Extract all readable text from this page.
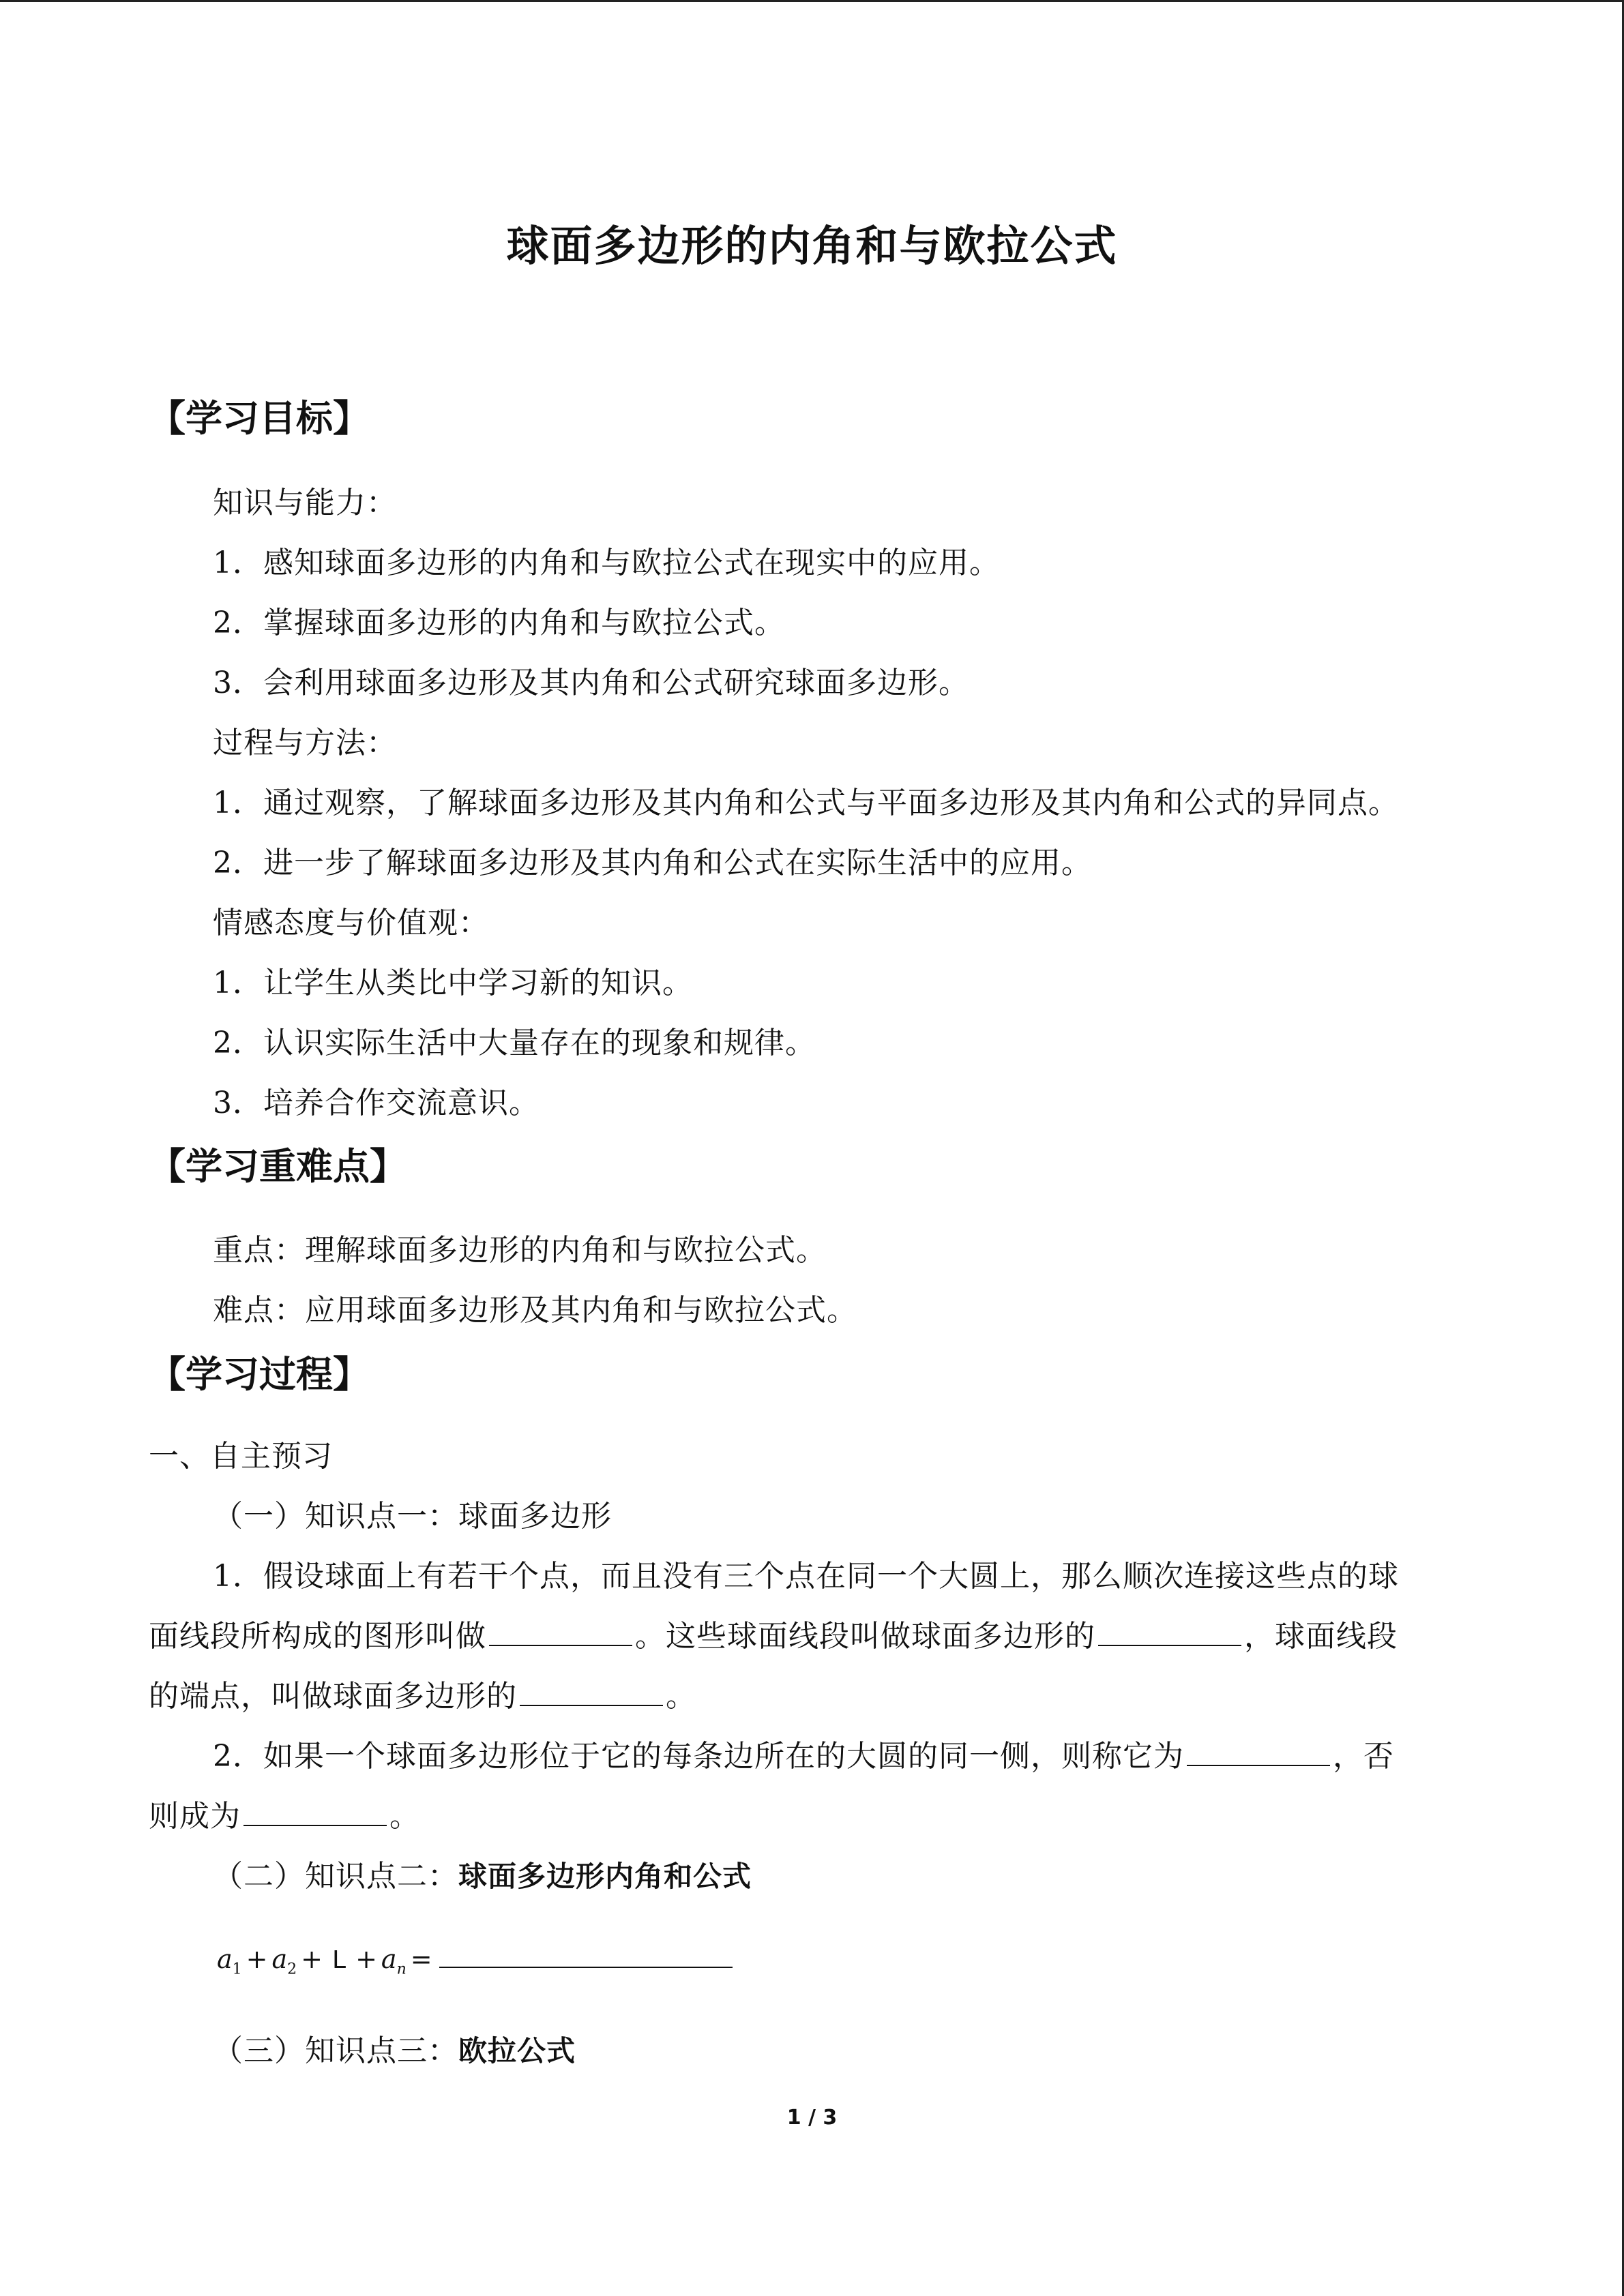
球面多边形的内角和与欧拉公式
【学习目标】
知识与能力：
1．感知球面多边形的内角和与欧拉公式在现实中的应用。
2．掌握球面多边形的内角和与欧拉公式。
3．会利用球面多边形及其内角和公式研究球面多边形。
过程与方法：
1．通过观察，了解球面多边形及其内角和公式与平面多边形及其内角和公式的异同点。
2．进一步了解球面多边形及其内角和公式在实际生活中的应用。
情感态度与价值观：
1．让学生从类比中学习新的知识。
2．认识实际生活中大量存在的现象和规律。
3．培养合作交流意识。
【学习重难点】
重点：理解球面多边形的内角和与欧拉公式。
难点：应用球面多边形及其内角和与欧拉公式。
【学习过程】
一、自主预习
（一）知识点一：球面多边形
1．假设球面上有若干个点，而且没有三个点在同一个大圆上，那么顺次连接这些点的球
面线段所构成的图形叫做	。这些球面线段叫做球面多边形的	，球面线段
的端点，叫做球面多边形的	。
2．如果一个球面多边形位于它的每条边所在的大圆的同一侧，则称它为	，否
则成为	。
（二）知识点二：球面多边形内角和公式
$a_1 + a_2 + L + a_n$ =
（三）知识点三：欧拉公式
1 / 3
